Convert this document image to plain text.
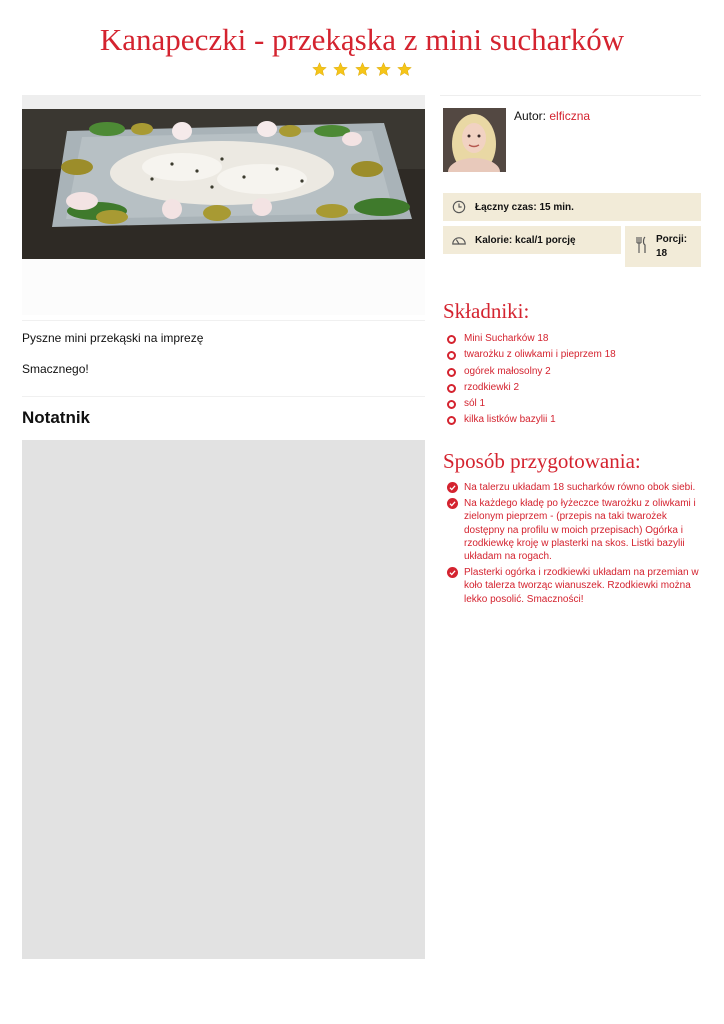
Kanapeczki - przekąska z mini sucharków

Pyszne mini przekąski na imprezę

Smacznego!

Notatnik
Autor: elficzna
Łączny czas: 15 min.
Kalorie: kcal/1 porcję	Porcji:
18
Składniki:
Mini Sucharków 18
twarożku z oliwkami i pieprzem 18
ogórek małosolny 2
rzodkiewki 2
sól 1
kilka listków bazylii 1
Sposób przygotowania:
Na talerzu układam 18 sucharków równo obok siebi.
Na każdego kładę po łyżeczce twarożku z oliwkami i zielonym pieprzem - (przepis na taki twarożek dostępny na profilu w moich przepisach) Ogórka i rzodkiewkę kroję w plasterki na skos. Listki bazylii układam na rogach.
Plasterki ogórka i rzodkiewki układam na przemian w koło talerza tworząc wianuszek. Rzodkiewki można lekko posolić. Smaczności!
